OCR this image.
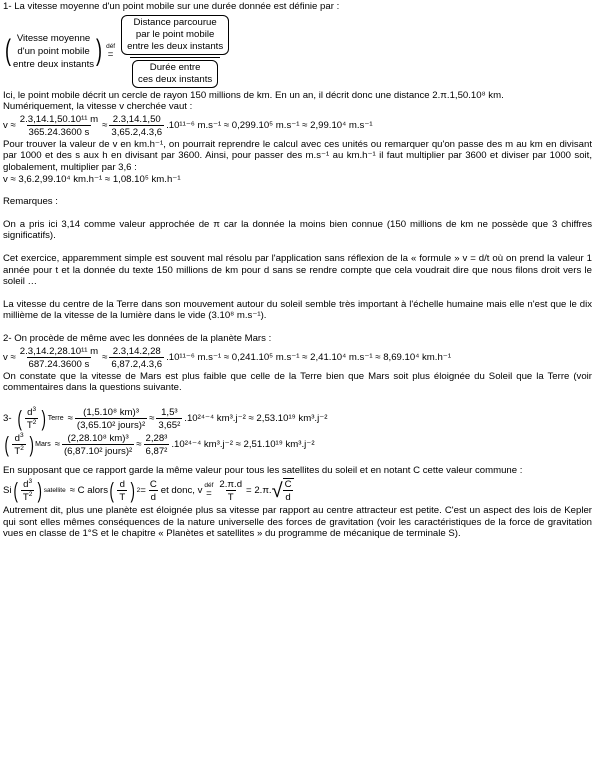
1- La vitesse moyenne d'un point mobile sur une durée donnée est définie par :

( Vitesse moyenne
d'un point mobile
entre deux instants ) déf
=
Distance parcourue
par le point mobile
entre les deux instants
Durée entre
ces deux instants

Ici, le point mobile décrit un cercle de rayon 150 millions de km. En un an, il décrit donc une distance 2.π.1,50.10⁸ km.

Numériquement, la vitesse v cherchée vaut :

$v \approx \frac{\text{2.3,14.1,50.10¹¹ m}}{365.24.3600 s} \approx \frac{2.3,14.1,50}{3,65.2,4.3,6} .10^{11-6}$ m.s⁻¹ ≈ 0,299.10⁵ m.s⁻¹ ≈ 2,99.10⁴ m.s⁻¹

Pour trouver la valeur de v en km.h⁻¹, on pourrait reprendre le calcul avec ces unités ou remarquer qu'on passe des m au km en divisant par 1000 et des s aux h en divisant par 3600. Ainsi, pour passer des m.s⁻¹ au km.h⁻¹ il faut multiplier par 3600 et diviser par 1000 soit, globalement, multiplier par 3,6 :

v ≈ 3,6.2,99.10⁴ km.h⁻¹ ≈ 1,08.10⁵ km.h⁻¹

Remarques :

On a pris ici 3,14 comme valeur approchée de π car la donnée la moins bien connue (150 millions de km ne possède que 3 chiffres significatifs).

Cet exercice, apparemment simple est souvent mal résolu par l'application sans réflexion de la « formule » v = d/t où on prend la valeur 1 année pour t et la donnée du texte 150 millions de km pour d sans se rendre compte que cela voudrait dire que nous filons droit vers le soleil …

La vitesse du centre de la Terre dans son mouvement autour du soleil semble très important à l'échelle humaine mais elle n'est que le dix millième de la vitesse de la lumière dans le vide (3.10⁸ m.s⁻¹).

2- On procède de même avec les données de la planète Mars :

$v \approx \frac{\text{2.3,14.2,28.10¹¹ m}}{687.24.3600 s} \approx \frac{2.3,14.2,28}{6,87.2,4.3,6} .10^{11-6}$ m.s⁻¹ ≈ 0,241.10⁵ m.s⁻¹ ≈ 2,41.10⁴ m.s⁻¹ ≈ 8,69.10⁴ km.h⁻¹

On constate que la vitesse de Mars est plus faible que celle de la Terre bien que Mars soit plus éloignée du Soleil que la Terre (voir commentaires dans la questions suivante.

3- ( $\frac{d^3}{T^2}$ ) Terre ≈ $\frac{\text{(1,5.10⁸ km)³}}{\text{(3,65.10² jours)²}} \approx \frac{\text{1,5³}}{\text{3,65²}} .10^{24-4}$ km³.j⁻² ≈ 2,53.10¹⁹ km³.j⁻²
( $\frac{d^3}{T^2}$ ) Mars ≈ $\frac{\text{(2,28.10⁸ km)³}}{\text{(6,87.10² jours)²}} \approx \frac{\text{2,28³}}{\text{6,87²}} .10^{24-4}$ km³.j⁻² ≈ 2,51.10¹⁹ km³.j⁻²

En supposant que ce rapport garde la même valeur pour tous les satellites du soleil et en notant C cette valeur commune :

Si ( $\frac{d^3}{T^2}$ ) satellite ≈ C alors ( $\frac{d}{T}$ ) $2 = \frac{C}{d}$ et donc, v déf
= $\frac{2.\pi.d}{T} = 2.\pi$. √ $\frac{C}{d}$

Autrement dit, plus une planète est éloignée plus sa vitesse par rapport au centre attracteur est petite. C'est un aspect des lois de Kepler qui sont elles mêmes conséquences de la nature universelle des forces de gravitation (voir les caractéristiques de la force de gravitation vues en classe de 1°S et le chapitre « Planètes et satellites » du programme de mécanique de terminale S).
